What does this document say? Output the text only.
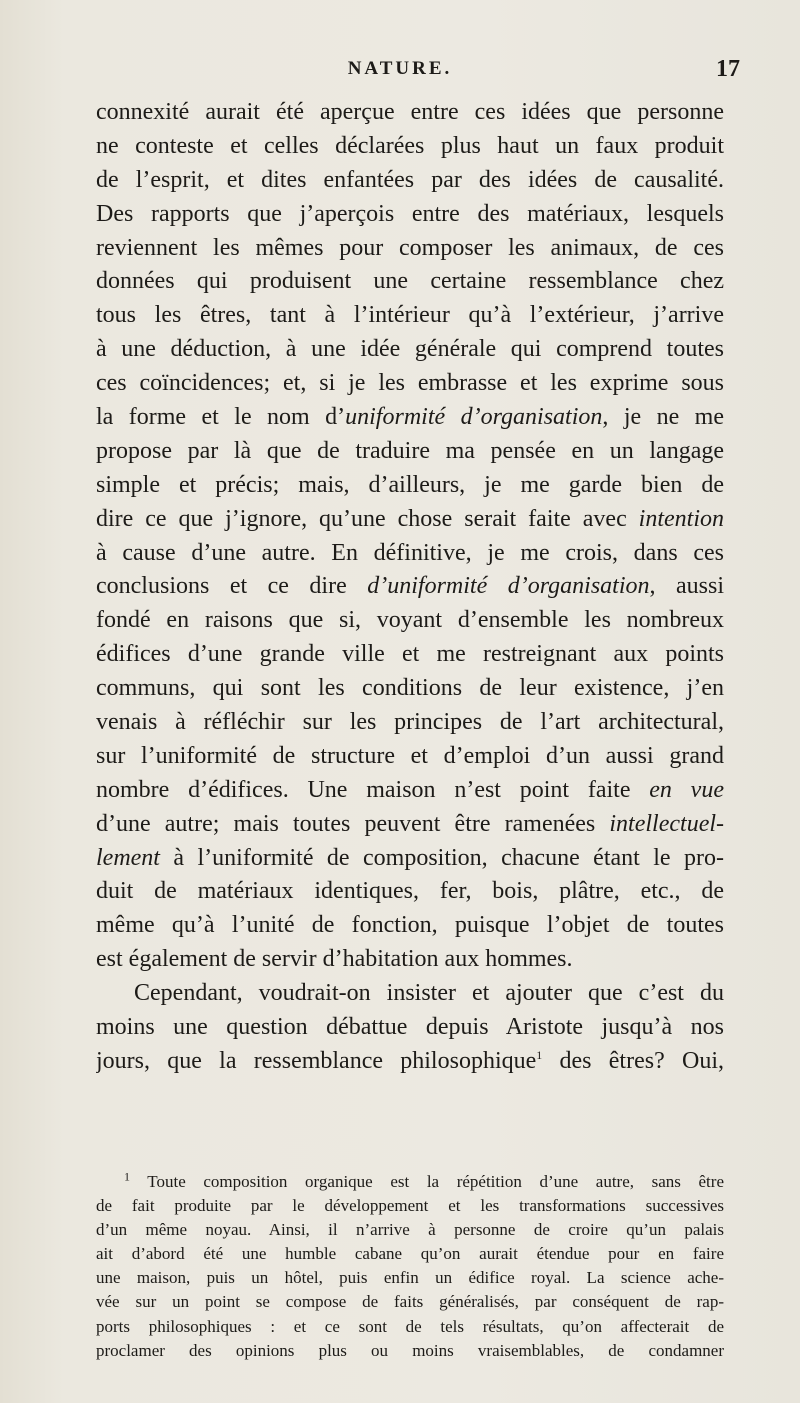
NATURE.	17
connexité aurait été aperçue entre ces idées que personne
ne conteste et celles déclarées plus haut un faux produit
de l’esprit, et dites enfantées par des idées de causalité.
Des rapports que j’aperçois entre des matériaux, lesquels
reviennent les mêmes pour composer les animaux, de ces
données qui produisent une certaine ressemblance chez
tous les êtres, tant à l’intérieur qu’à l’extérieur, j’arrive
à une déduction, à une idée générale qui comprend toutes
ces coïncidences; et, si je les embrasse et les exprime sous
la forme et le nom d’uniformité d’organisation, je ne me
propose par là que de traduire ma pensée en un langage
simple et précis; mais, d’ailleurs, je me garde bien de
dire ce que j’ignore, qu’une chose serait faite avec intention
à cause d’une autre. En définitive, je me crois, dans ces
conclusions et ce dire d’uniformité d’organisation, aussi
fondé en raisons que si, voyant d’ensemble les nombreux
édifices d’une grande ville et me restreignant aux points
communs, qui sont les conditions de leur existence, j’en
venais à réfléchir sur les principes de l’art architectural,
sur l’uniformité de structure et d’emploi d’un aussi grand
nombre d’édifices. Une maison n’est point faite en vue
d’une autre; mais toutes peuvent être ramenées intellectuel-
lement à l’uniformité de composition, chacune étant le pro-
duit de matériaux identiques, fer, bois, plâtre, etc., de
même qu’à l’unité de fonction, puisque l’objet de toutes
est également de servir d’habitation aux hommes.
Cependant, voudrait-on insister et ajouter que c’est du
moins une question débattue depuis Aristote jusqu’à nos
jours, que la ressemblance philosophique$^1$ des êtres? Oui,
$^1$ Toute composition organique est la répétition d’une autre, sans être
de fait produite par le développement et les transformations successives
d’un même noyau. Ainsi, il n’arrive à personne de croire qu’un palais
ait d’abord été une humble cabane qu’on aurait étendue pour en faire
une maison, puis un hôtel, puis enfin un édifice royal. La science ache-
vée sur un point se compose de faits généralisés, par conséquent de rap-
ports philosophiques : et ce sont de tels résultats, qu’on affecterait de
proclamer des opinions plus ou moins vraisemblables, de condamner
